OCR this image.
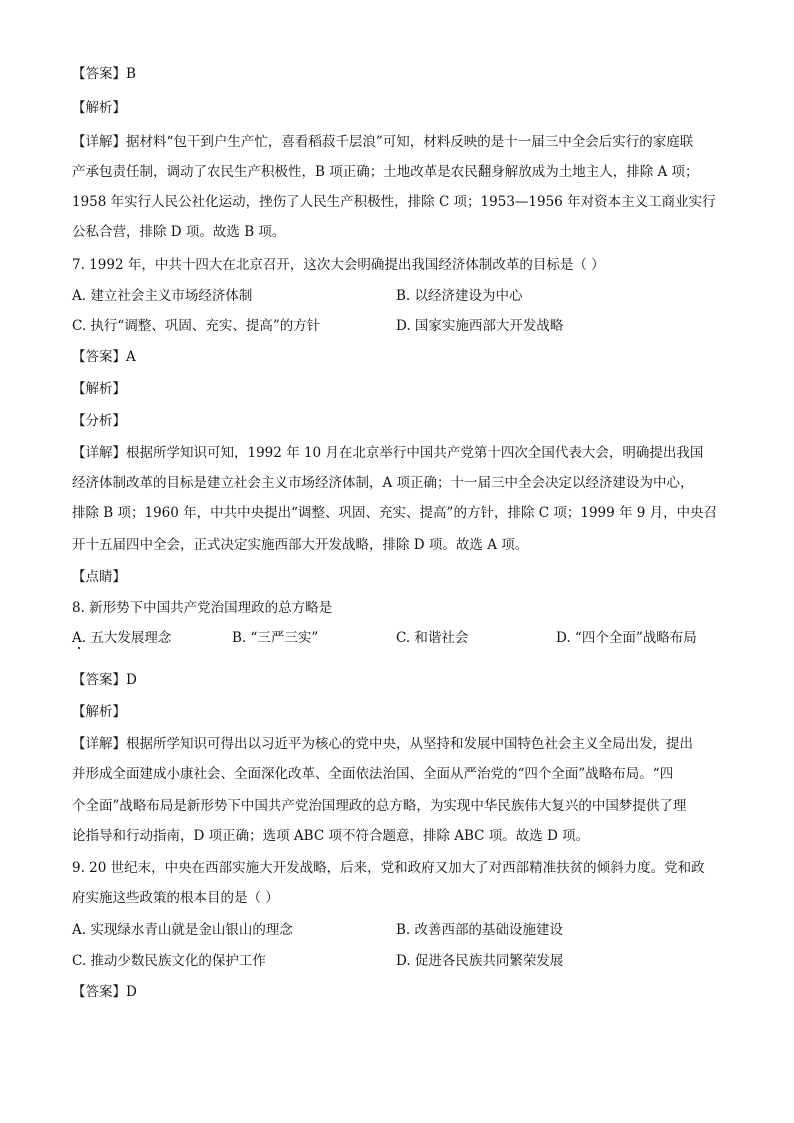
【答案】B
【解析】
【详解】据材料“包干到户生产忙，喜看稻菽千层浪”可知，材料反映的是十一届三中全会后实行的家庭联
产承包责任制，调动了农民生产积极性，B 项正确；土地改革是农民翻身解放成为土地主人，排除 A 项；
1958 年实行人民公社化运动，挫伤了人民生产积极性，排除 C 项；1953—1956 年对资本主义工商业实行
公私合营，排除 D 项。故选 B 项。
7. 1992 年，中共十四大在北京召开，这次大会明确提出我国经济体制改革的目标是（ ）
A. 建立社会主义市场经济体制	B. 以经济建设为中心
C. 执行“调整、巩固、充实、提高”的方针	D. 国家实施西部大开发战略
【答案】A
【解析】
【分析】
【详解】根据所学知识可知，1992 年 10 月在北京举行中国共产党第十四次全国代表大会，明确提出我国
经济体制改革的目标是建立社会主义市场经济体制，A 项正确；十一届三中全会决定以经济建设为中心，
排除 B 项；1960 年，中共中央提出“调整、巩固、充实、提高”的方针，排除 C 项；1999 年 9 月，中央召
开十五届四中全会，正式决定实施西部大开发战略，排除 D 项。故选 A 项。
【点睛】
8. 新形势下中国共产党治国理政的总方略是
A. 五大发展理念	B. “三严三实”	C. 和谐社会	D. “四个全面”战略布局
【答案】D
【解析】
【详解】根据所学知识可得出以习近平为核心的党中央，从坚持和发展中国特色社会主义全局出发，提出
并形成全面建成小康社会、全面深化改革、全面依法治国、全面从严治党的“四个全面”战略布局。“四
个全面”战略布局是新形势下中国共产党治国理政的总方略，为实现中华民族伟大复兴的中国梦提供了理
论指导和行动指南，D 项正确；选项 ABC 项不符合题意，排除 ABC 项。故选 D 项。
9. 20 世纪末，中央在西部实施大开发战略，后来，党和政府又加大了对西部精准扶贫的倾斜力度。党和政
府实施这些政策的根本目的是（ ）
A. 实现绿水青山就是金山银山的理念	B. 改善西部的基础设施建设
C. 推动少数民族文化的保护工作	D. 促进各民族共同繁荣发展
【答案】D
